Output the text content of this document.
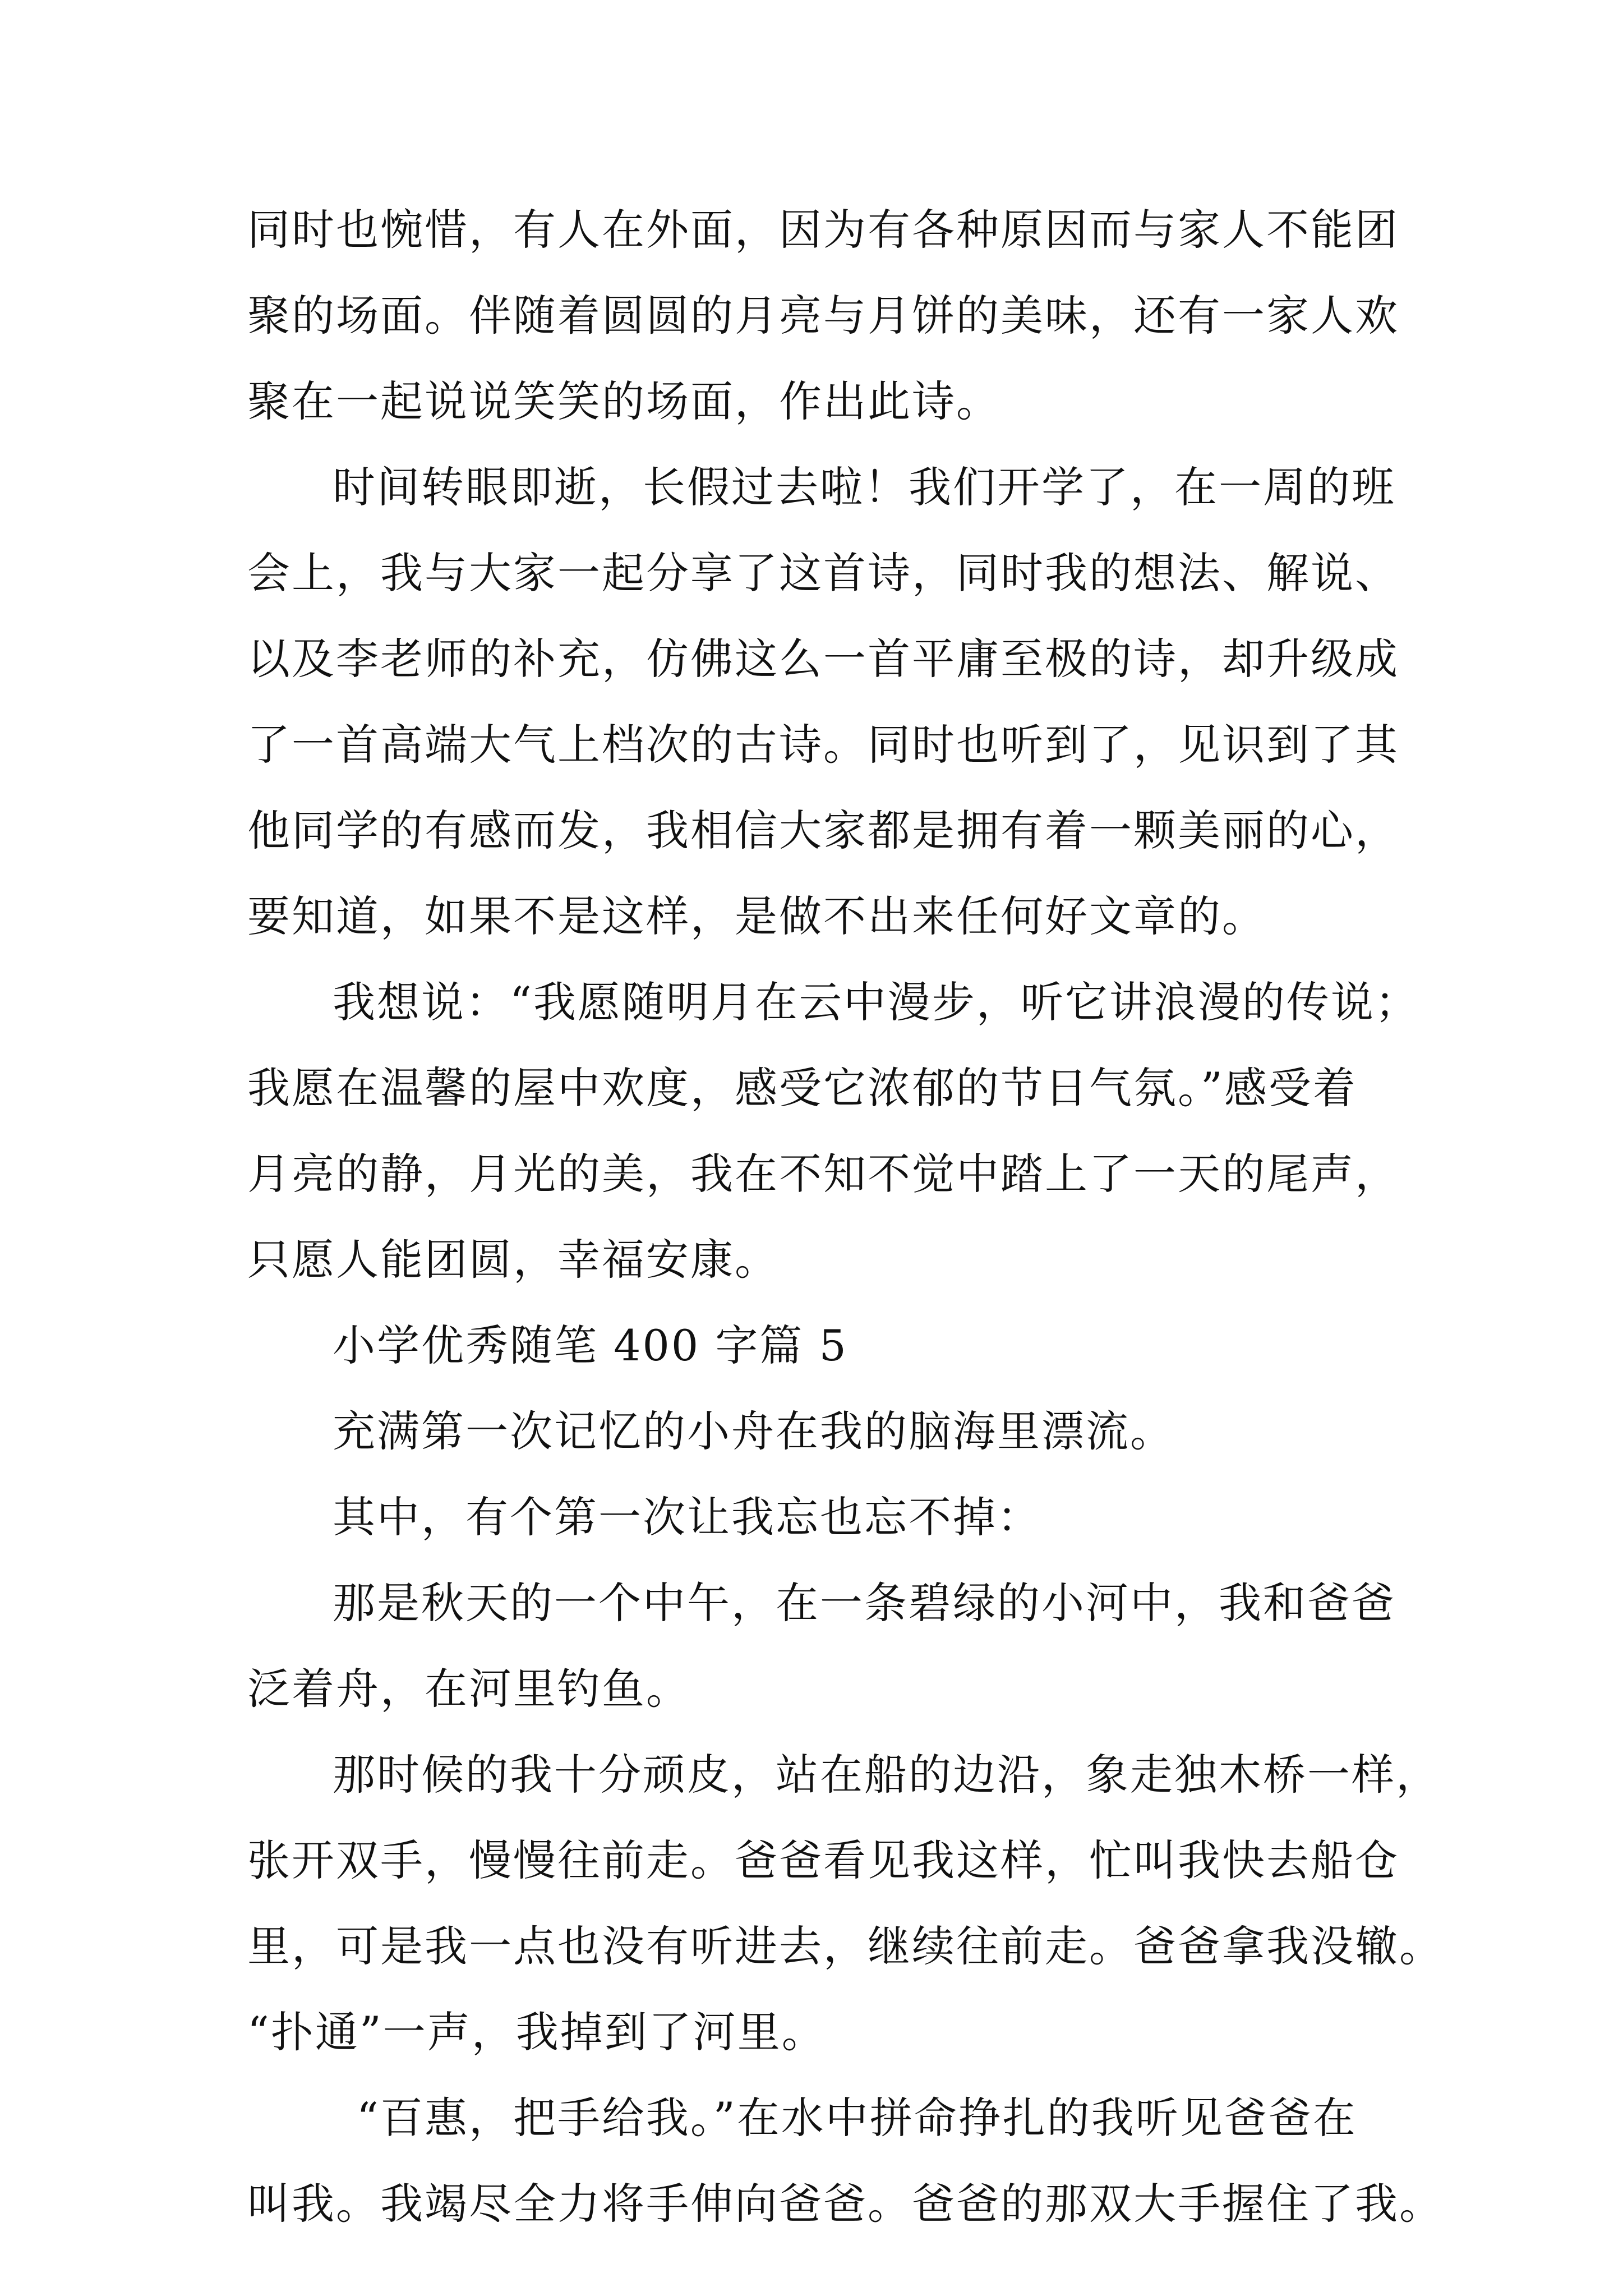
同时也惋惜，有人在外面，因为有各种原因而与家人不能团
聚的场面。伴随着圆圆的月亮与月饼的美味，还有一家人欢
聚在一起说说笑笑的场面，作出此诗。
时间转眼即逝，长假过去啦！我们开学了，在一周的班
会上，我与大家一起分享了这首诗，同时我的想法、解说、
以及李老师的补充，仿佛这么一首平庸至极的诗，却升级成
了一首高端大气上档次的古诗。同时也听到了，见识到了其
他同学的有感而发，我相信大家都是拥有着一颗美丽的心，
要知道，如果不是这样，是做不出来任何好文章的。
我想说：“我愿随明月在云中漫步，听它讲浪漫的传说；
我愿在温馨的屋中欢度，感受它浓郁的节日气氛。”感受着
月亮的静，月光的美，我在不知不觉中踏上了一天的尾声，
只愿人能团圆，幸福安康。
小学优秀随笔 400 字篇 5
充满第一次记忆的小舟在我的脑海里漂流。
其中，有个第一次让我忘也忘不掉：
那是秋天的一个中午，在一条碧绿的小河中，我和爸爸
泛着舟，在河里钓鱼。
那时候的我十分顽皮，站在船的边沿，象走独木桥一样，
张开双手，慢慢往前走。爸爸看见我这样，忙叫我快去船仓
里，可是我一点也没有听进去，继续往前走。爸爸拿我没辙。
“扑通”一声，我掉到了河里。
“百惠，把手给我。”在水中拼命挣扎的我听见爸爸在
叫我。我竭尽全力将手伸向爸爸。爸爸的那双大手握住了我。
